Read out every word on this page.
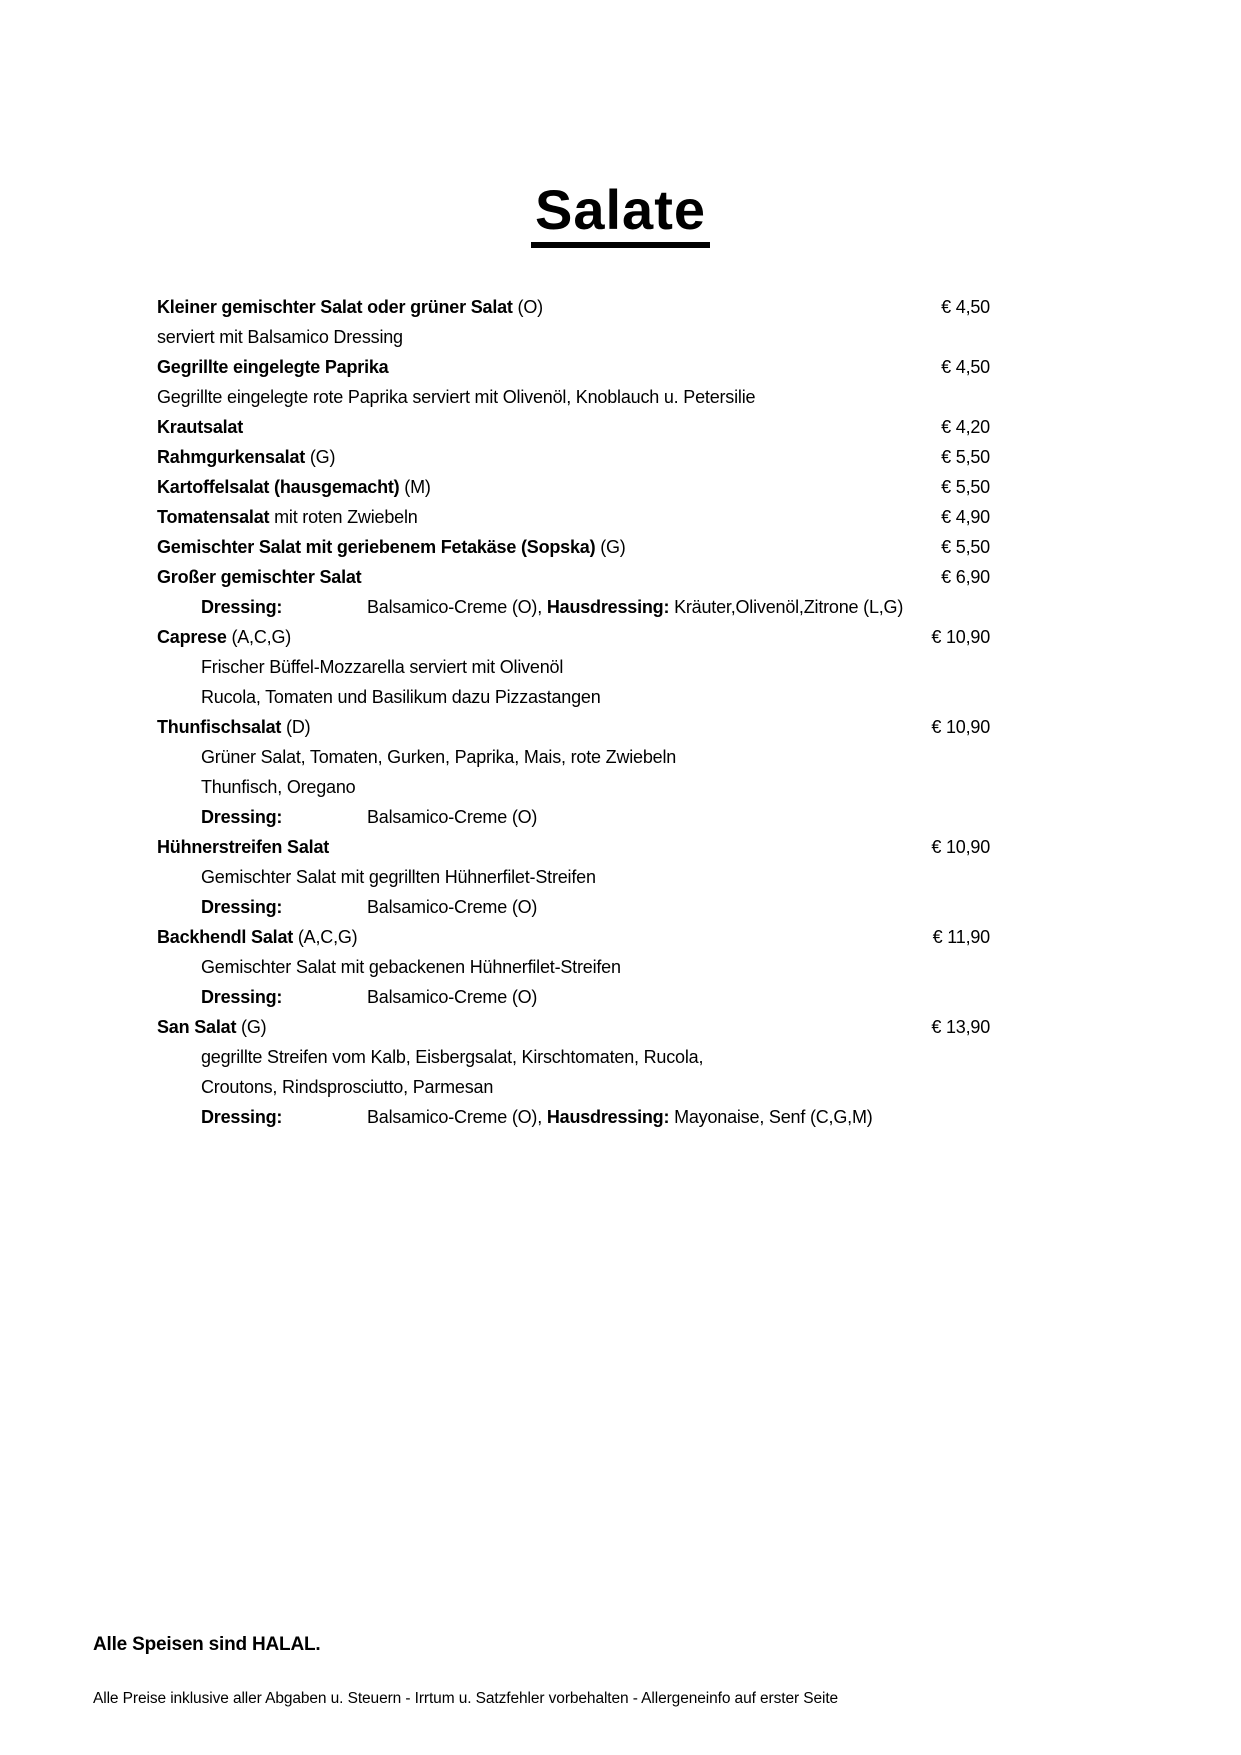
Salate
Kleiner gemischter Salat oder grüner Salat (O)	€ 4,50
serviert mit Balsamico Dressing
Gegrillte eingelegte Paprika	€ 4,50
Gegrillte eingelegte rote Paprika serviert mit Olivenöl, Knoblauch u. Petersilie
Krautsalat	€ 4,20
Rahmgurkensalat (G)	€ 5,50
Kartoffelsalat (hausgemacht) (M)	€ 5,50
Tomatensalat mit roten Zwiebeln	€ 4,90
Gemischter Salat mit geriebenem Fetakäse (Sopska) (G)	€ 5,50
Großer gemischter Salat	€ 6,90
Dressing:	Balsamico-Creme (O), Hausdressing: Kräuter,Olivenöl,Zitrone (L,G)
Caprese (A,C,G)	€ 10,90
Frischer Büffel-Mozzarella serviert mit Olivenöl
Rucola, Tomaten und Basilikum dazu Pizzastangen
Thunfischsalat (D)	€ 10,90
Grüner Salat, Tomaten, Gurken, Paprika, Mais, rote Zwiebeln
Thunfisch, Oregano
Dressing:	Balsamico-Creme (O)
Hühnerstreifen Salat	€ 10,90
Gemischter Salat mit gegrillten Hühnerfilet-Streifen
Dressing:	Balsamico-Creme (O)
Backhendl Salat (A,C,G)	€ 11,90
Gemischter Salat mit gebackenen Hühnerfilet-Streifen
Dressing:	Balsamico-Creme (O)
San Salat (G)	€ 13,90
gegrillte Streifen vom Kalb, Eisbergsalat, Kirschtomaten, Rucola,
Croutons, Rindsprosciutto, Parmesan
Dressing:	Balsamico-Creme (O), Hausdressing: Mayonaise, Senf (C,G,M)
Alle Speisen sind HALAL.
Alle Preise inklusive aller Abgaben u. Steuern - Irrtum u. Satzfehler vorbehalten - Allergeneinfo auf erster Seite
